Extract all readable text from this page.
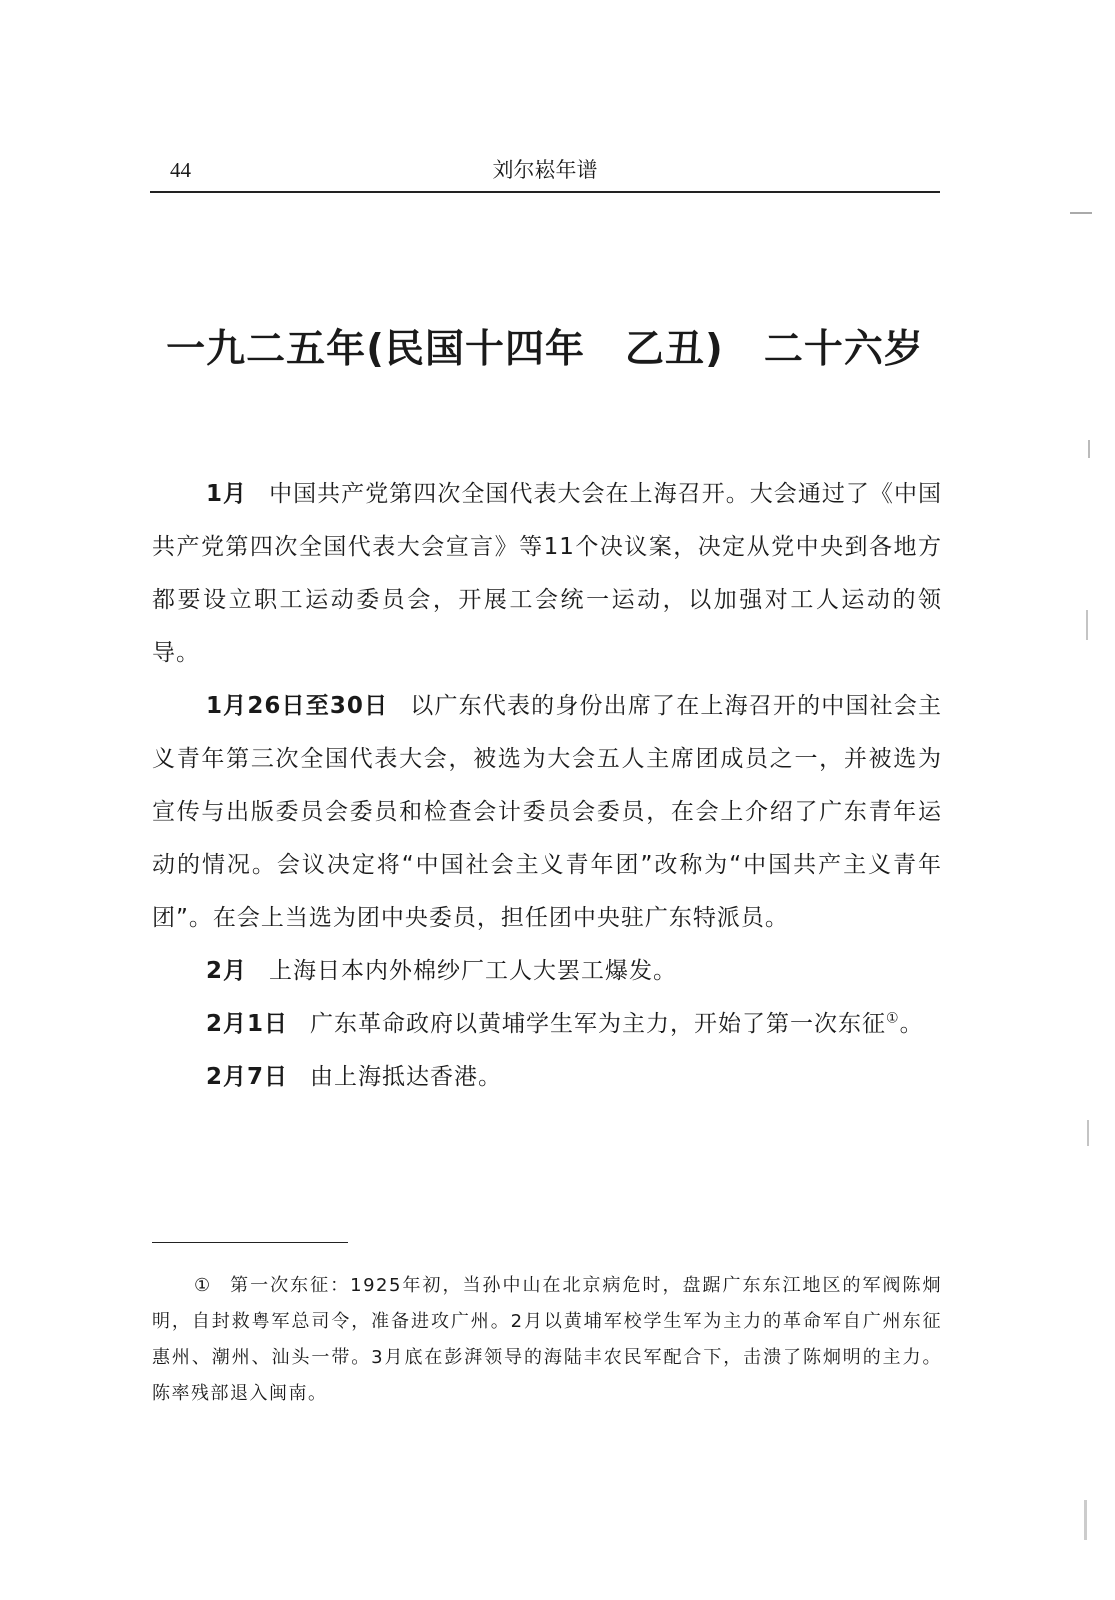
44	刘尔崧年谱
一九二五年(民国十四年　乙丑)　二十六岁

1月 中国共产党第四次全国代表大会在上海召开。大会通过了《中国共产党第四次全国代表大会宣言》等11个决议案，决定从党中央到各地方都要设立职工运动委员会，开展工会统一运动，以加强对工人运动的领导。

1月26日至30日 以广东代表的身份出席了在上海召开的中国社会主义青年第三次全国代表大会，被选为大会五人主席团成员之一，并被选为宣传与出版委员会委员和检查会计委员会委员，在会上介绍了广东青年运动的情况。会议决定将“中国社会主义青年团”改称为“中国共产主义青年团”。在会上当选为团中央委员，担任团中央驻广东特派员。

2月 上海日本内外棉纱厂工人大罢工爆发。

2月1日 广东革命政府以黄埔学生军为主力，开始了第一次东征①。

2月7日 由上海抵达香港。

① 第一次东征：1925年初，当孙中山在北京病危时，盘踞广东东江地区的军阀陈炯明，自封救粤军总司令，准备进攻广州。2月以黄埔军校学生军为主力的革命军自广州东征惠州、潮州、汕头一带。3月底在彭湃领导的海陆丰农民军配合下，击溃了陈炯明的主力。陈率残部退入闽南。
